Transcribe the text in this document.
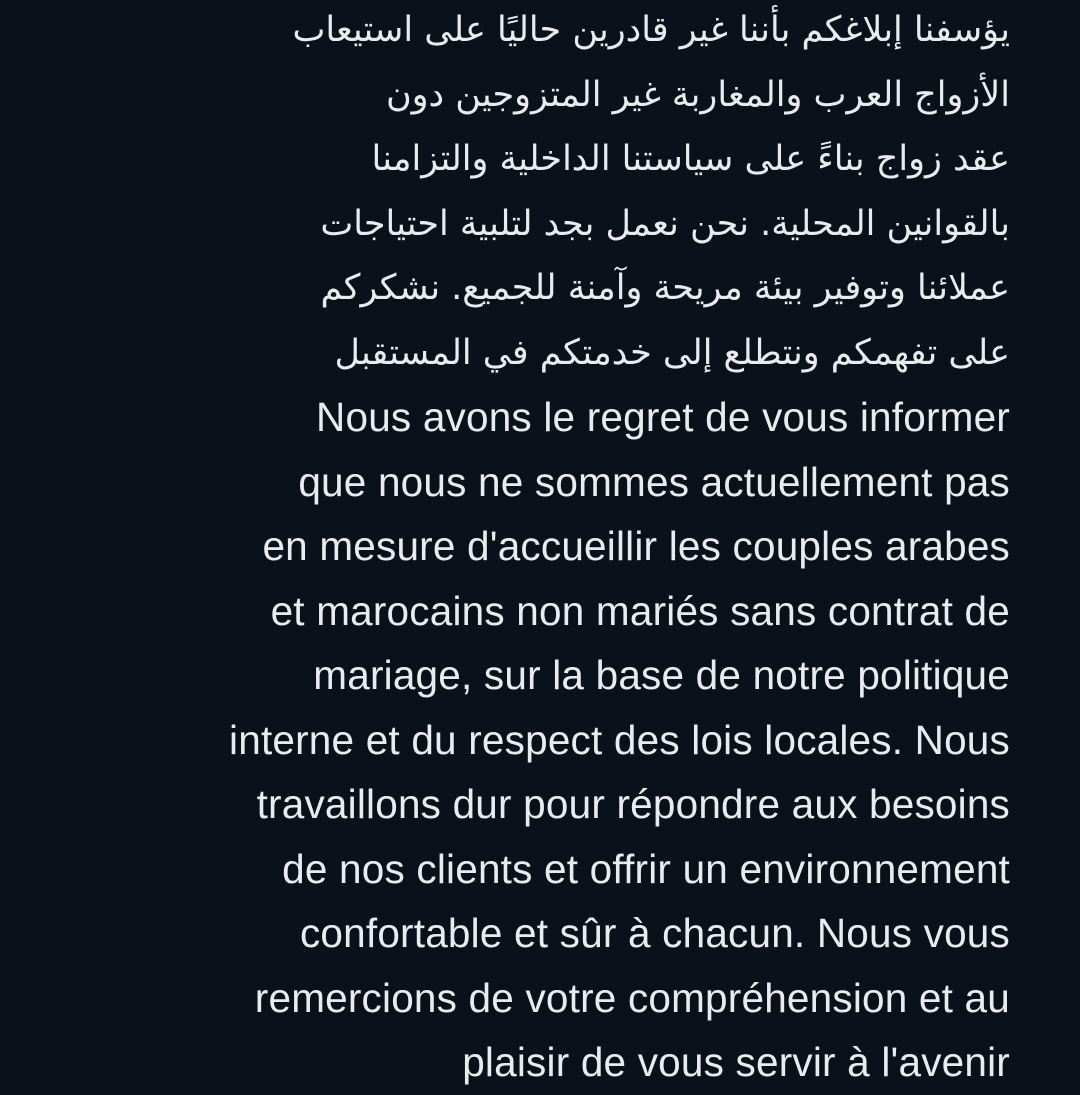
يؤسفنا إبلاغكم بأننا غير قادرين حاليًا على استيعاب
الأزواج العرب والمغاربة غير المتزوجين دون
عقد زواج بناءً على سياستنا الداخلية والتزامنا
بالقوانين المحلية. نحن نعمل بجد لتلبية احتياجات
عملائنا وتوفير بيئة مريحة وآمنة للجميع. نشكركم
على تفهمكم ونتطلع إلى خدمتكم في المستقبل
Nous avons le regret de vous informer
que nous ne sommes actuellement pas
en mesure d'accueillir les couples arabes
et marocains non mariés sans contrat de
mariage, sur la base de notre politique
interne et du respect des lois locales. Nous
travaillons dur pour répondre aux besoins
de nos clients et offrir un environnement
confortable et sûr à chacun. Nous vous
remercions de votre compréhension et au
plaisir de vous servir à l'avenir
